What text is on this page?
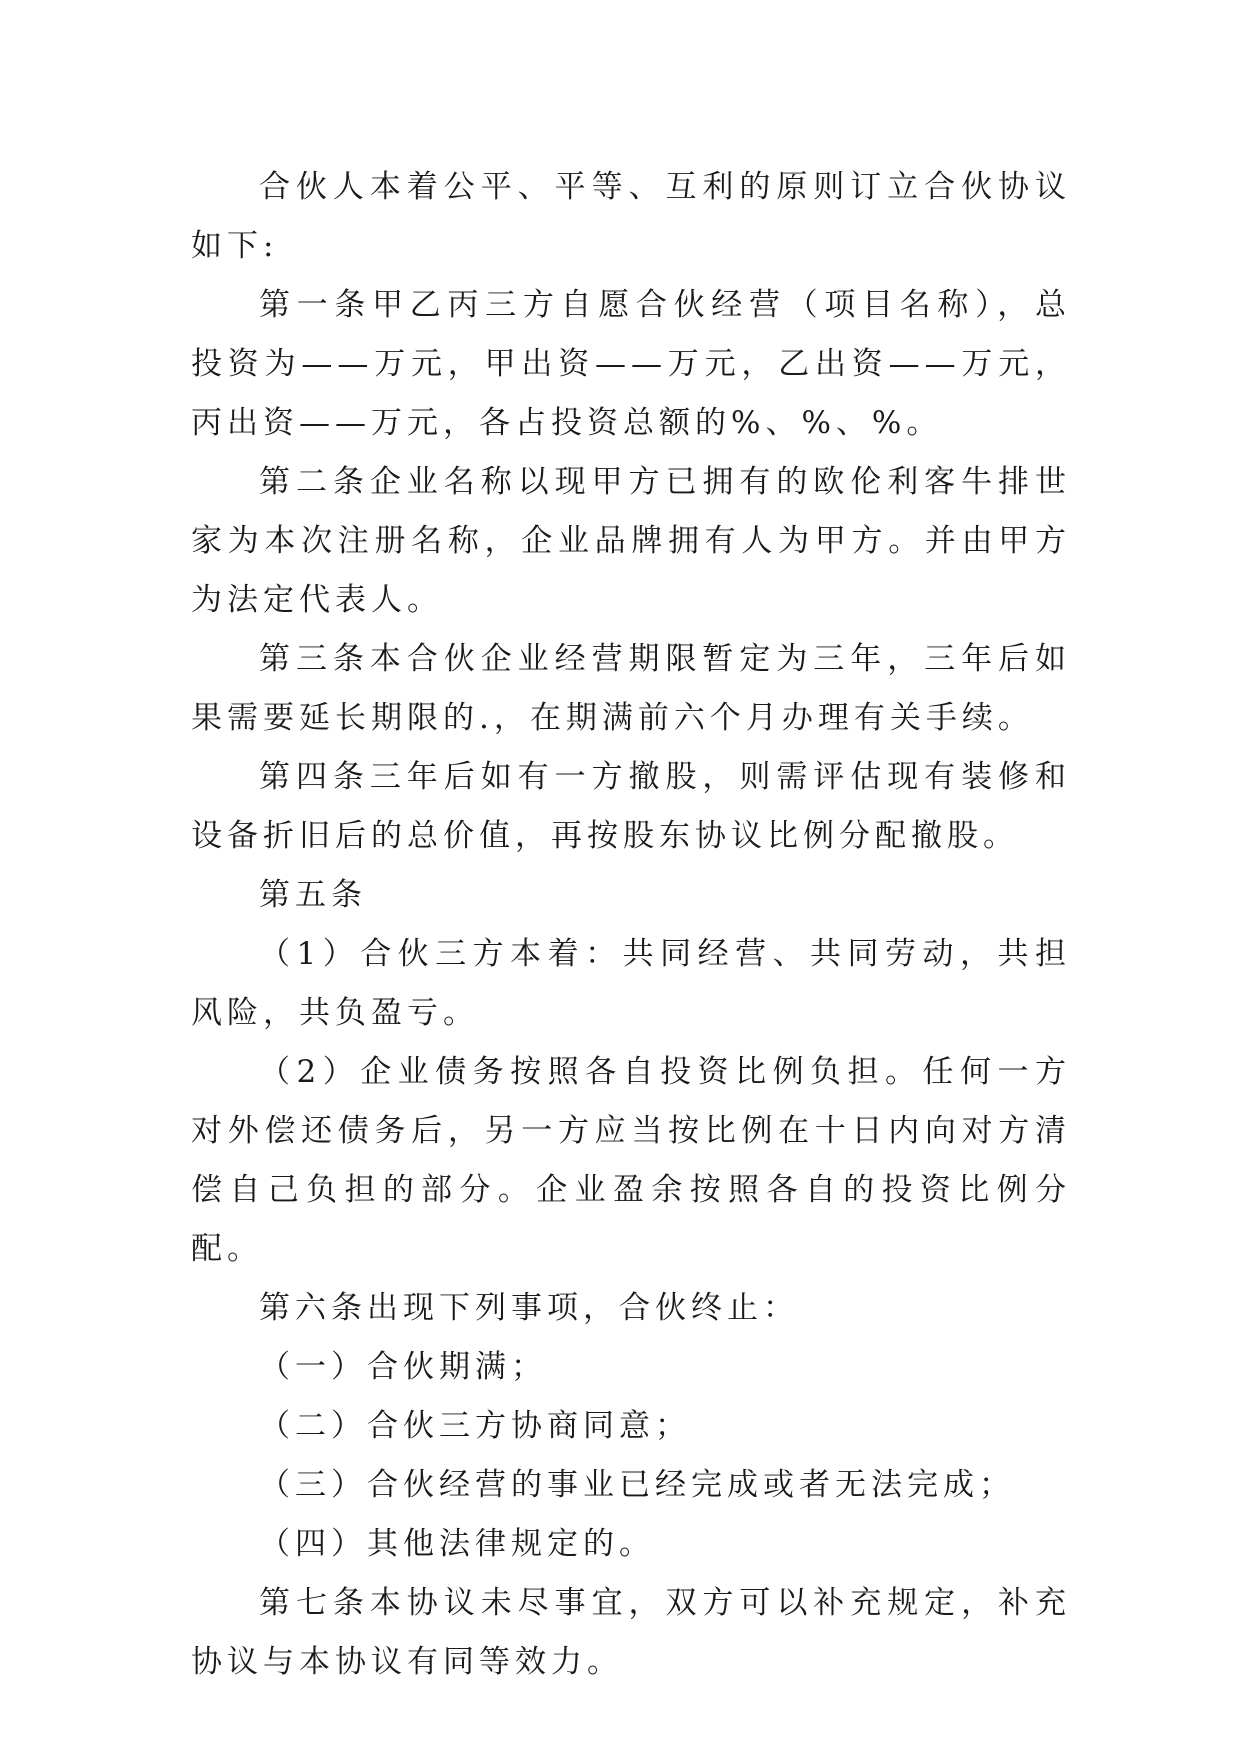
合伙人本着公平、平等、互利的原则订立合伙协议如下:

第一条甲乙丙三方自愿合伙经营（项目名称），总投资为——万元，甲出资——万元，乙出资——万元，丙出资——万元，各占投资总额的%、%、%。

第二条企业名称以现甲方已拥有的欧伦利客牛排世家为本次注册名称，企业品牌拥有人为甲方。并由甲方为法定代表人。

第三条本合伙企业经营期限暂定为三年，三年后如果需要延长期限的.，在期满前六个月办理有关手续。

第四条三年后如有一方撤股，则需评估现有装修和设备折旧后的总价值，再按股东协议比例分配撤股。

第五条

（1）合伙三方本着：共同经营、共同劳动，共担风险，共负盈亏。

（2）企业债务按照各自投资比例负担。任何一方对外偿还债务后，另一方应当按比例在十日内向对方清偿自己负担的部分。企业盈余按照各自的投资比例分配。

第六条出现下列事项，合伙终止：

（一）合伙期满；

（二）合伙三方协商同意；

（三）合伙经营的事业已经完成或者无法完成；

（四）其他法律规定的。

第七条本协议未尽事宜，双方可以补充规定，补充协议与本协议有同等效力。
